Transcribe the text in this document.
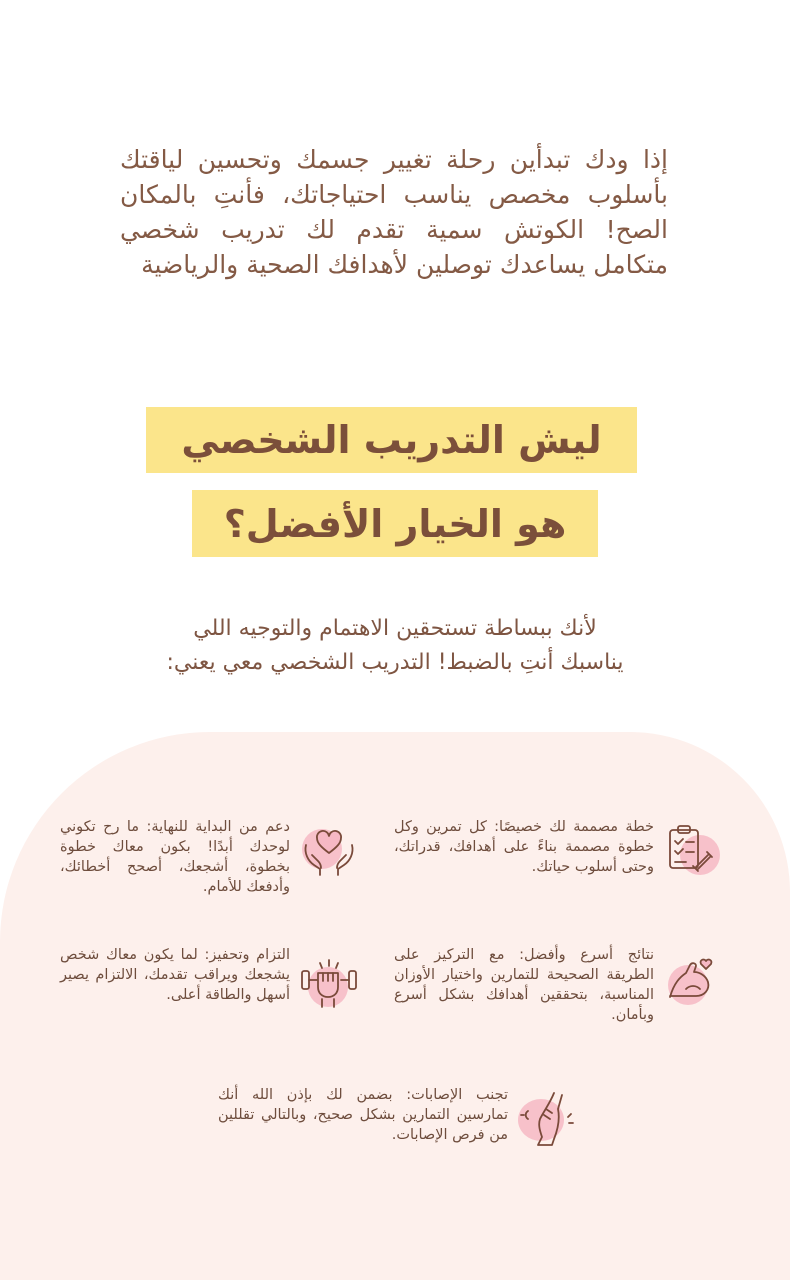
إذا ودك تبدأين رحلة تغيير جسمك وتحسين لياقتك بأسلوب مخصص يناسب احتياجاتك، فأنتِ بالمكان الصح! الكوتش سمية تقدم لك تدريب شخصي متكامل يساعدك توصلين لأهدافك الصحية والرياضية

ليش التدريب الشخصي
هو الخيار الأفضل؟
لأنك ببساطة تستحقين الاهتمام والتوجيه اللي
يناسبك أنتِ بالضبط! التدريب الشخصي معي يعني:

خطة مصممة لك خصيصًا: كل تمرين وكل خطوة مصممة بناءً على أهدافك، قدراتك، وحتى أسلوب حياتك.

دعم من البداية للنهاية: ما رح تكوني لوحدك أبدًا! بكون معاك خطوة بخطوة، أشجعك، أصحح أخطائك، وأدفعك للأمام.

نتائج أسرع وأفضل: مع التركيز على الطريقة الصحيحة للتمارين واختيار الأوزان المناسبة، بتحققين أهدافك بشكل أسرع وبأمان.

التزام وتحفيز: لما يكون معاك شخص يشجعك ويراقب تقدمك، الالتزام يصير أسهل والطاقة أعلى.

تجنب الإصابات: بضمن لك بإذن الله أنك تمارسين التمارين بشكل صحيح، وبالتالي تقللين من فرص الإصابات.
